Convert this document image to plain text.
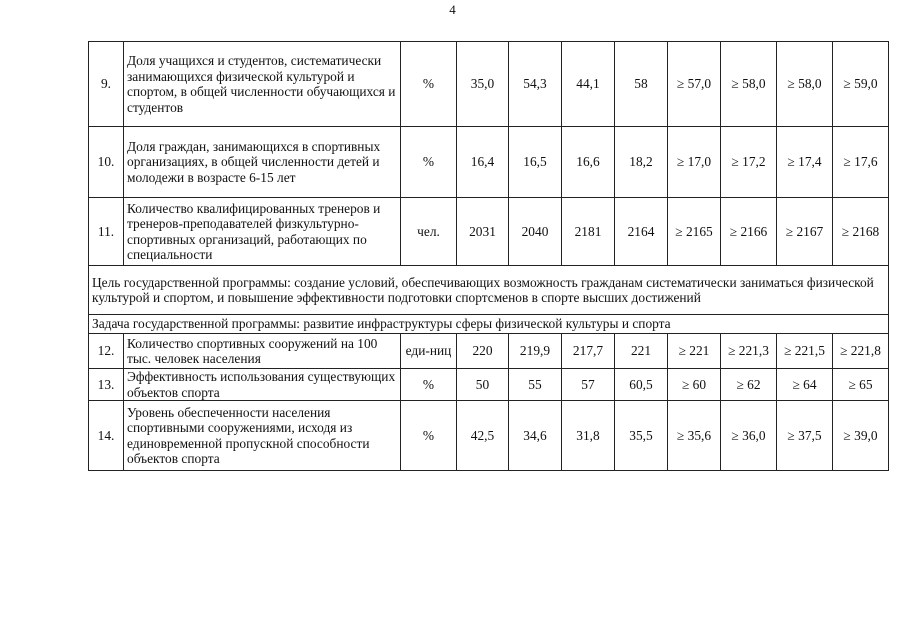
4
9.	Доля учащихся и студентов, систематически занимающихся физической культурой и спортом, в общей численности обучающихся и студентов	%	35,0	54,3	44,1	58	≥ 57,0	≥ 58,0	≥ 58,0	≥ 59,0
10.	Доля граждан, занимающихся в спортивных организациях, в общей численности детей и молодежи в возрасте 6-15 лет	%	16,4	16,5	16,6	18,2	≥ 17,0	≥ 17,2	≥ 17,4	≥ 17,6
11.	Количество квалифицированных тренеров и тренеров-преподавателей физкультурно-спортивных организаций, работающих по специальности	чел.	2031	2040	2181	2164	≥ 2165	≥ 2166	≥ 2167	≥ 2168
Цель государственной программы: создание условий, обеспечивающих возможность гражданам систематически заниматься физической культурой и спортом, и повышение эффективности подготовки спортсменов в спорте высших достижений										
Задача государственной программы: развитие инфраструктуры сферы физической культуры и спорта										
12.	Количество спортивных сооружений на 100 тыс. человек населения	еди-ниц	220	219,9	217,7	221	≥ 221	≥ 221,3	≥ 221,5	≥ 221,8
13.	Эффективность использования существующих объектов спорта	%	50	55	57	60,5	≥ 60	≥ 62	≥ 64	≥ 65
14.	Уровень обеспеченности населения спортивными сооружениями, исходя из единовременной пропускной способности объектов спорта	%	42,5	34,6	31,8	35,5	≥ 35,6	≥ 36,0	≥ 37,5	≥ 39,0
